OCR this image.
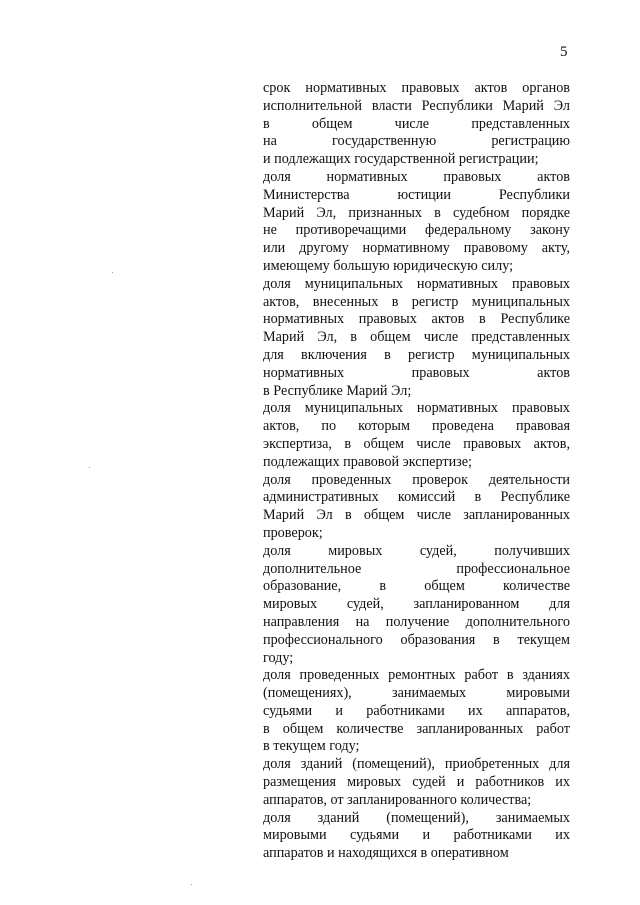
5
срок нормативных правовых актов органов
исполнительной власти Республики Марий Эл
в общем числе представленных
на государственную регистрацию
и подлежащих государственной регистрации;
доля нормативных правовых актов
Министерства юстиции Республики
Марий Эл, признанных в судебном порядке
не противоречащими федеральному закону
или другому нормативному правовому акту,
имеющему большую юридическую силу;
доля муниципальных нормативных правовых
актов, внесенных в регистр муниципальных
нормативных правовых актов в Республике
Марий Эл, в общем числе представленных
для включения в регистр муниципальных
нормативных правовых актов
в Республике Марий Эл;
доля муниципальных нормативных правовых
актов, по которым проведена правовая
экспертиза, в общем числе правовых актов,
подлежащих правовой экспертизе;
доля проведенных проверок деятельности
административных комиссий в Республике
Марий Эл в общем числе запланированных
проверок;
доля мировых судей, получивших
дополнительное профессиональное
образование, в общем количестве
мировых судей, запланированном для
направления на получение дополнительного
профессионального образования в текущем
году;
доля проведенных ремонтных работ в зданиях
(помещениях), занимаемых мировыми
судьями и работниками их аппаратов,
в общем количестве запланированных работ
в текущем году;
доля зданий (помещений), приобретенных для
размещения мировых судей и работников их
аппаратов, от запланированного количества;
доля зданий (помещений), занимаемых
мировыми судьями и работниками их
аппаратов и находящихся в оперативном
